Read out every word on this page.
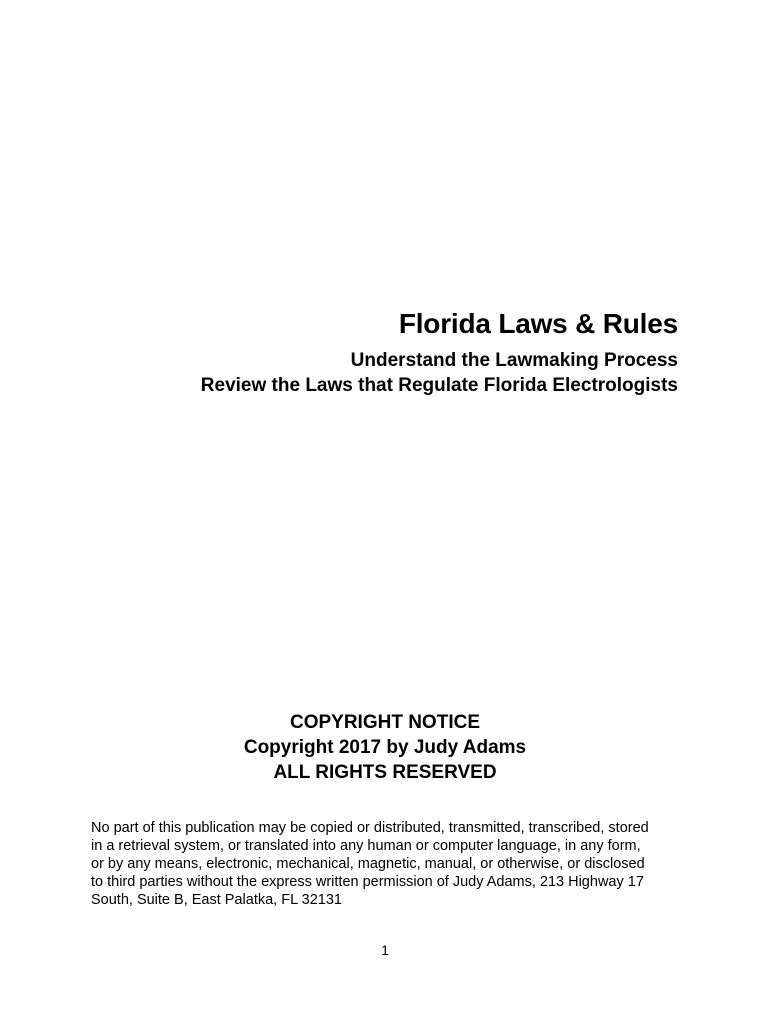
Florida Laws & Rules

Understand the Lawmaking Process

Review the Laws that Regulate Florida Electrologists

COPYRIGHT NOTICE

Copyright 2017 by Judy Adams

ALL RIGHTS RESERVED

No part of this publication may be copied or distributed, transmitted, transcribed, stored
in a retrieval system, or translated into any human or computer language, in any form,
or by any means, electronic, mechanical, magnetic, manual, or otherwise, or disclosed
to third parties without the express written permission of Judy Adams, 213 Highway 17
South, Suite B, East Palatka, FL 32131

1
